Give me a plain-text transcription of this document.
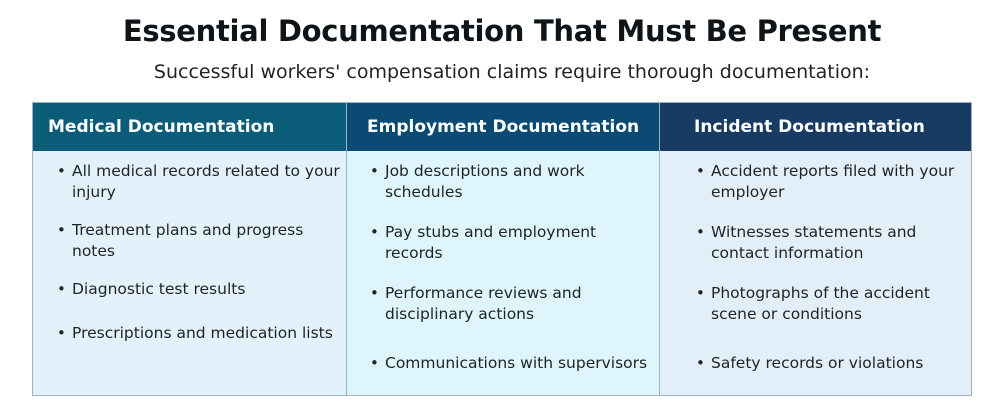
Essential Documentation That Must Be Present
Successful workers' compensation claims require thorough documentation:
Medical Documentation
• All medical records related to your injury
• Treatment plans and progress notes
• Diagnostic test results
• Prescriptions and medication lists
Employment Documentation
• Job descriptions and work schedules
• Pay stubs and employment records
• Performance reviews and disciplinary actions
• Communications with supervisors
Incident Documentation
• Accident reports filed with your employer
• Witnesses statements and contact information
• Photographs of the accident scene or conditions
• Safety records or violations
